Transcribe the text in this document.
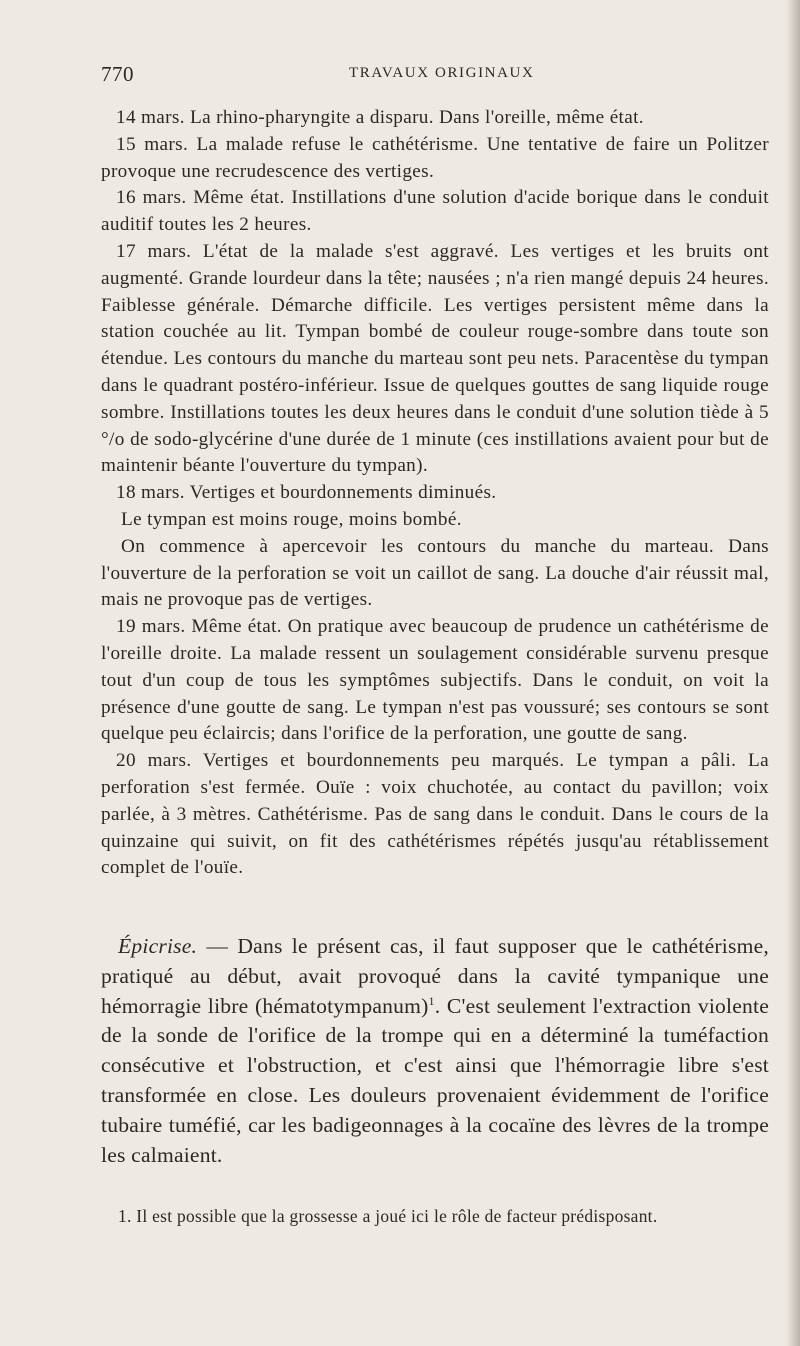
770	TRAVAUX ORIGINAUX

14 mars. La rhino-pharyngite a disparu. Dans l'oreille, même état.

15 mars. La malade refuse le cathétérisme. Une tentative de faire un Politzer provoque une recrudescence des vertiges.

16 mars. Même état. Instillations d'une solution d'acide borique dans le conduit auditif toutes les 2 heures.

17 mars. L'état de la malade s'est aggravé. Les vertiges et les bruits ont augmenté. Grande lourdeur dans la tête; nausées ; n'a rien mangé depuis 24 heures. Faiblesse générale. Démarche difficile. Les vertiges persistent même dans la station couchée au lit. Tympan bombé de couleur rouge-sombre dans toute son étendue. Les contours du manche du marteau sont peu nets. Paracentèse du tympan dans le quadrant postéro-inférieur. Issue de quelques gouttes de sang liquide rouge sombre. Instillations toutes les deux heures dans le conduit d'une solution tiède à 5 °/o de sodo-glycérine d'une durée de 1 minute (ces instillations avaient pour but de maintenir béante l'ouverture du tympan).

18 mars. Vertiges et bourdonnements diminués.

Le tympan est moins rouge, moins bombé.

On commence à apercevoir les contours du manche du marteau. Dans l'ouverture de la perforation se voit un caillot de sang. La douche d'air réussit mal, mais ne provoque pas de vertiges.

19 mars. Même état. On pratique avec beaucoup de prudence un cathétérisme de l'oreille droite. La malade ressent un soulagement considérable survenu presque tout d'un coup de tous les symptômes subjectifs. Dans le conduit, on voit la présence d'une goutte de sang. Le tympan n'est pas voussuré; ses contours se sont quelque peu éclaircis; dans l'orifice de la perforation, une goutte de sang.

20 mars. Vertiges et bourdonnements peu marqués. Le tympan a pâli. La perforation s'est fermée. Ouïe : voix chuchotée, au contact du pavillon; voix parlée, à 3 mètres. Cathétérisme. Pas de sang dans le conduit. Dans le cours de la quinzaine qui suivit, on fit des cathétérismes répétés jusqu'au rétablissement complet de l'ouïe.

Épicrise. — Dans le présent cas, il faut supposer que le cathétérisme, pratiqué au début, avait provoqué dans la cavité tympanique une hémorragie libre (hématotympanum)$^1$. C'est seulement l'extraction violente de la sonde de l'orifice de la trompe qui en a déterminé la tuméfaction consécutive et l'obstruction, et c'est ainsi que l'hémorragie libre s'est transformée en close. Les douleurs provenaient évidemment de l'orifice tubaire tuméfié, car les badigeonnages à la cocaïne des lèvres de la trompe les calmaient.

1. Il est possible que la grossesse a joué ici le rôle de facteur prédisposant.
